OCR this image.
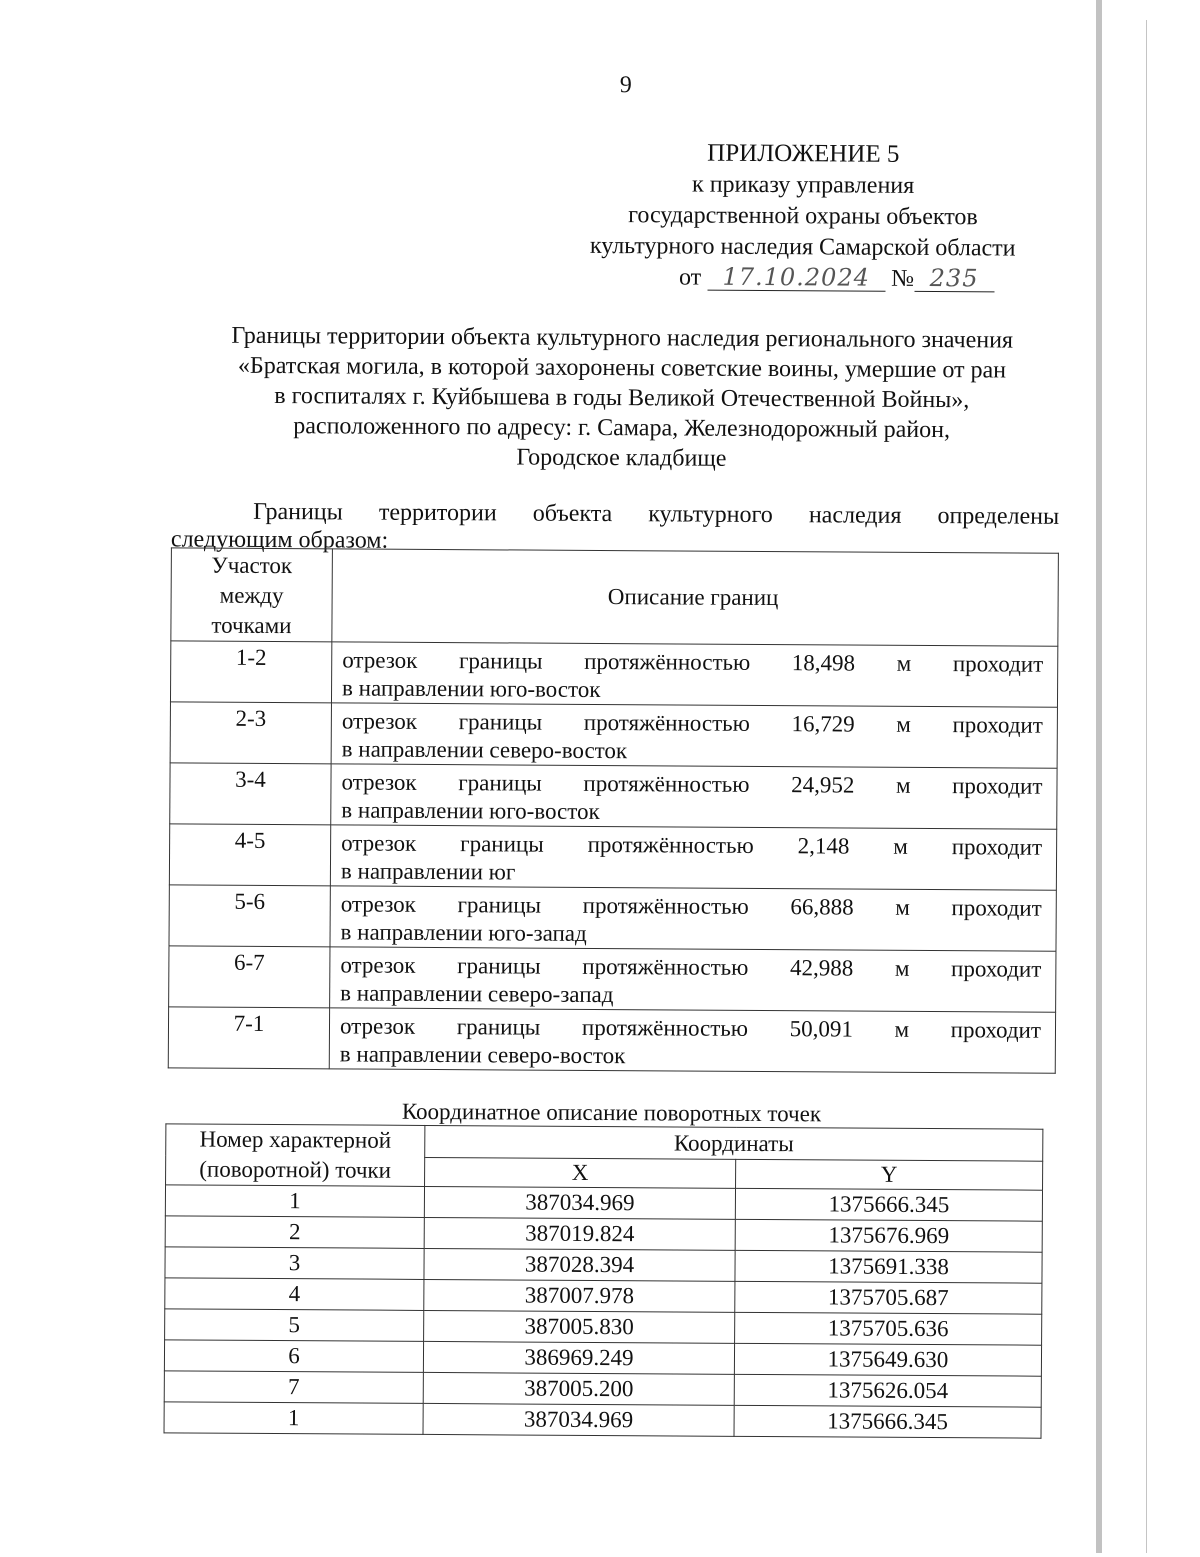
9
ПРИЛОЖЕНИЕ 5
к приказу управления
государственной охраны объектов
культурного наследия Самарской области
от 17.10.2024 № 235
Границы территории объекта культурного наследия регионального значения
«Братская могила, в которой захоронены советские воины, умершие от ран
в госпиталях г. Куйбышева в годы Великой Отечественной Войны»,
расположенного по адресу: г. Самара, Железнодорожный район,
Городское кладбище
Границы территории объекта культурного наследия определены
следующим образом:
Участок
между
точками	Описание границ
1-2	отрезок границы протяжённостью 18,498 м проходит
в направлении юго-восток

2-3	отрезок границы протяжённостью 16,729 м проходит
в направлении северо-восток

3-4	отрезок границы протяжённостью 24,952 м проходит
в направлении юго-восток

4-5	отрезок границы протяжённостью 2,148 м проходит
в направлении юг

5-6	отрезок границы протяжённостью 66,888 м проходит
в направлении юго-запад

6-7	отрезок границы протяжённостью 42,988 м проходит
в направлении северо-запад

7-1	отрезок границы протяжённостью 50,091 м проходит
в направлении северо-восток
Координатное описание поворотных точек
Номер характерной
(поворотной) точки	Координаты	
	X	Y
1	387034.969	1375666.345
2	387019.824	1375676.969
3	387028.394	1375691.338
4	387007.978	1375705.687
5	387005.830	1375705.636
6	386969.249	1375649.630
7	387005.200	1375626.054
1	387034.969	1375666.345
